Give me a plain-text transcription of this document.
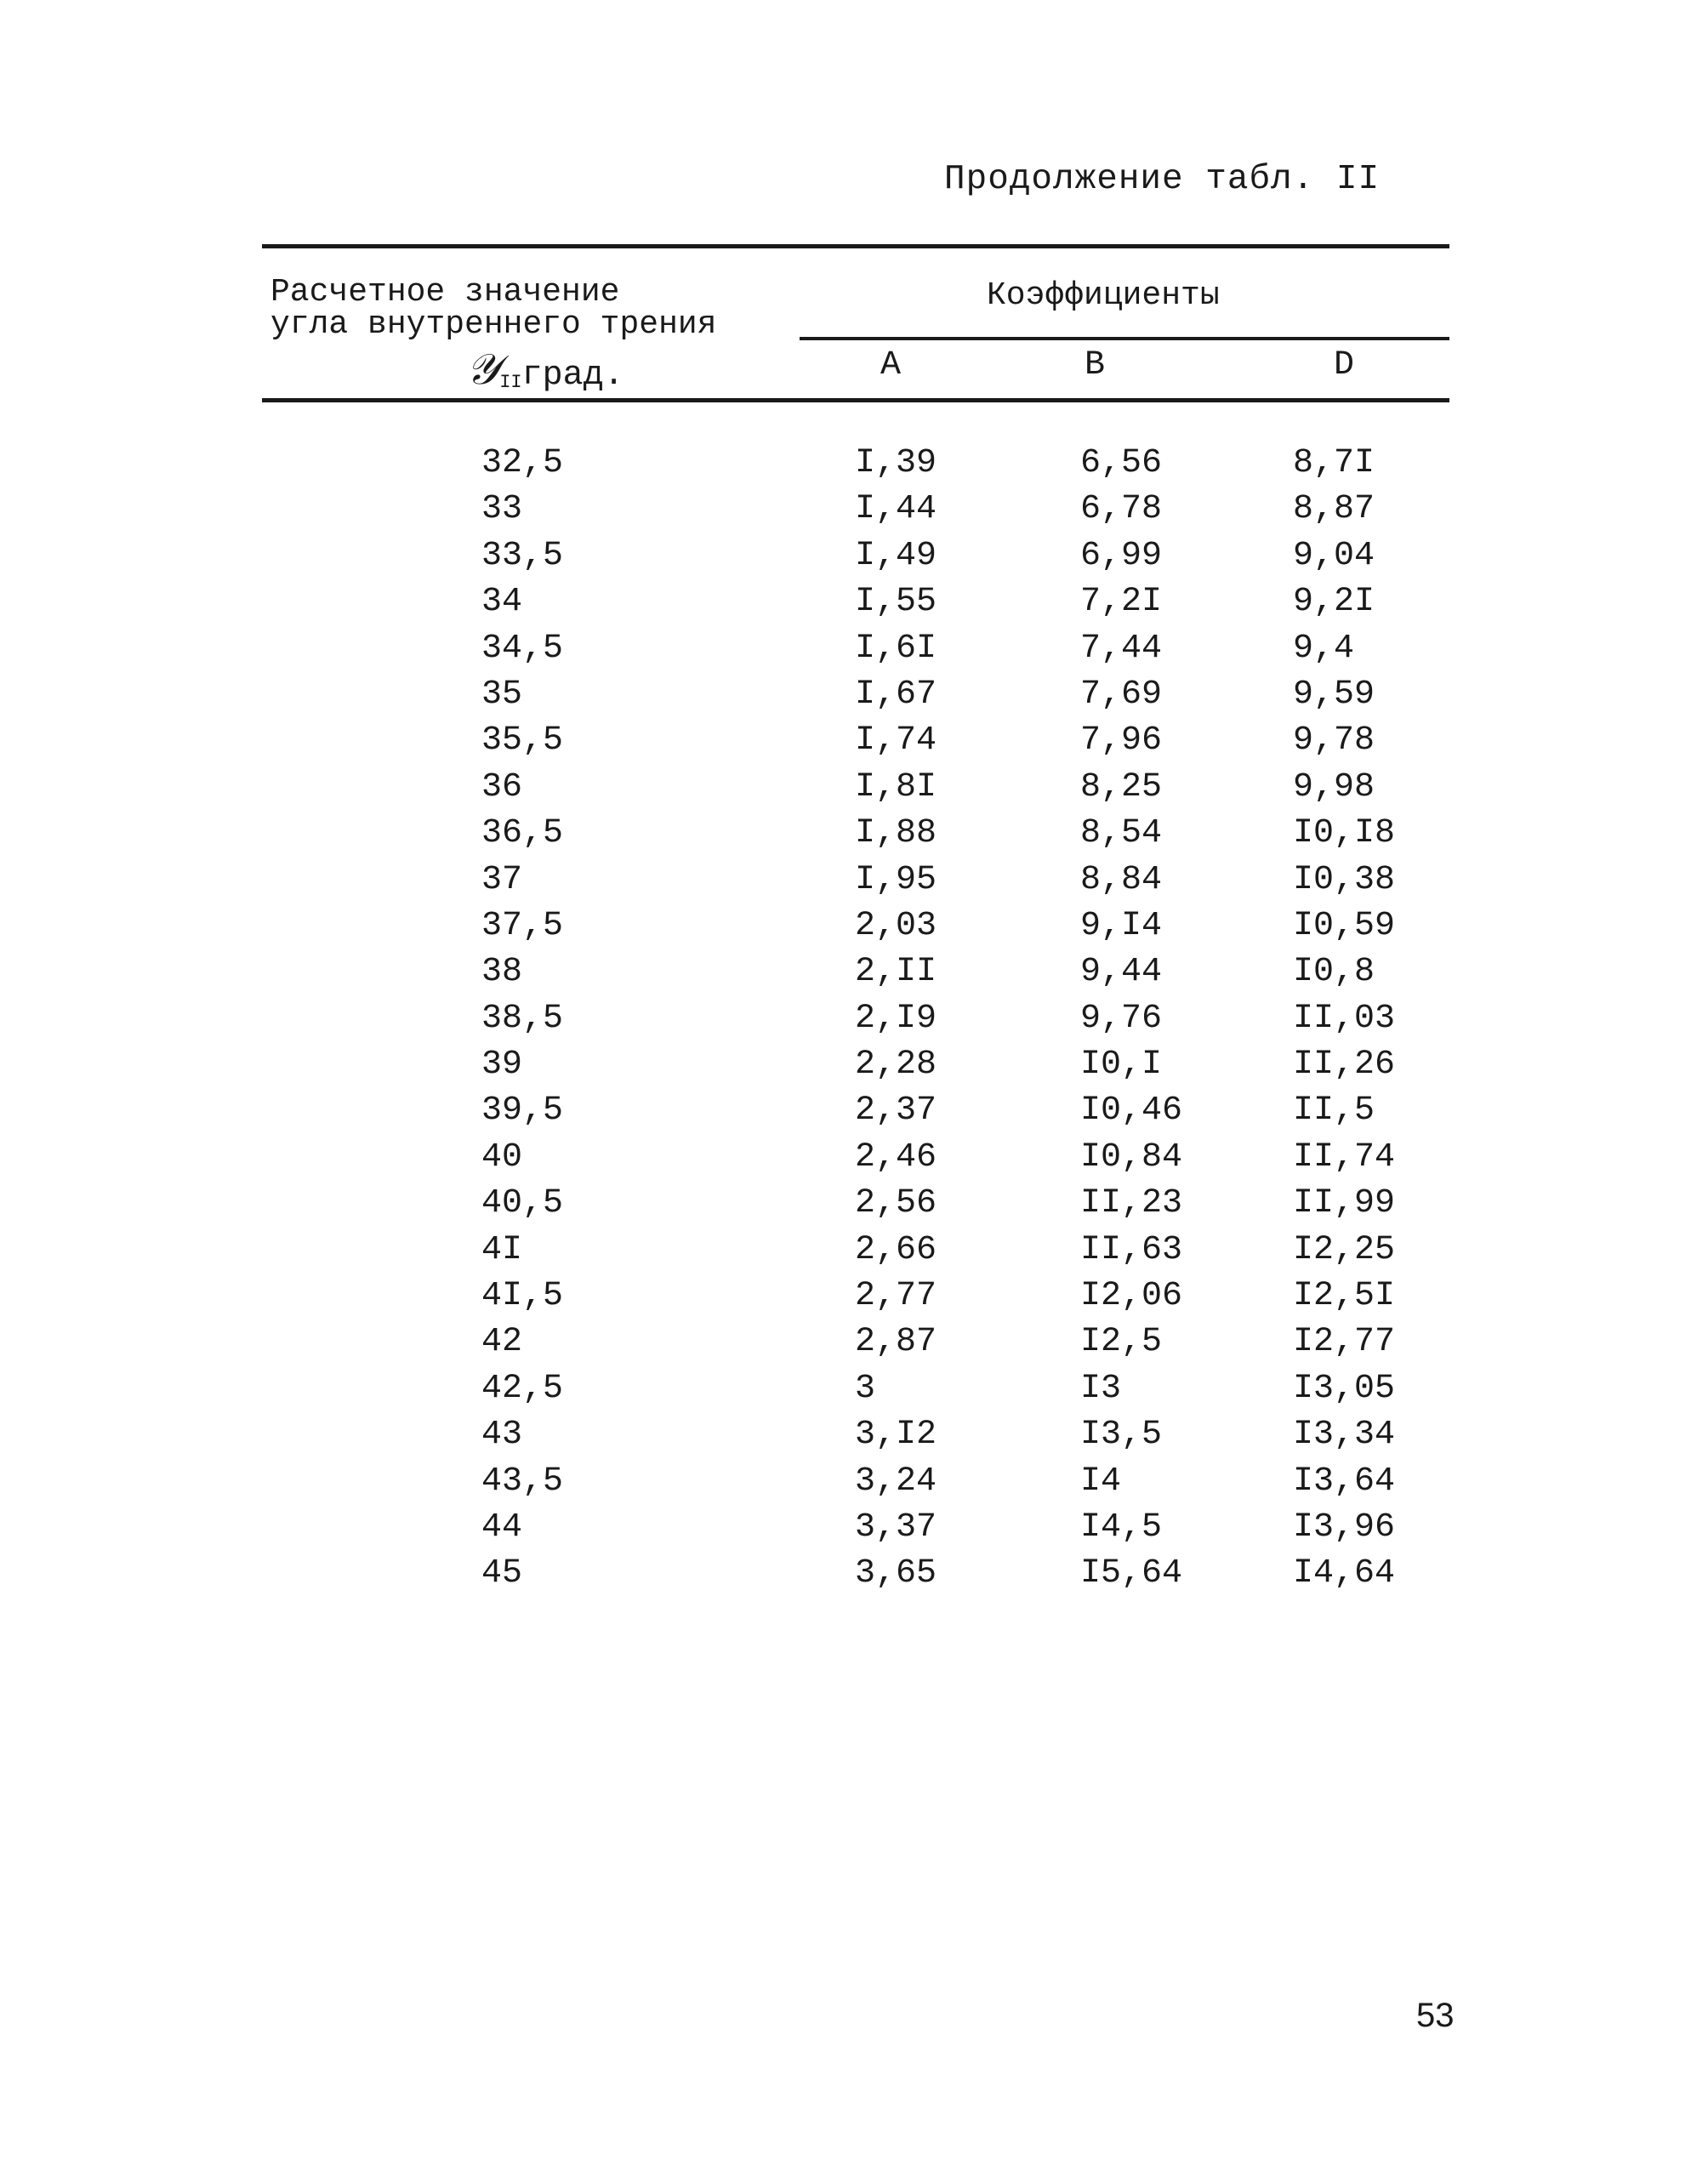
Продолжение табл. II
Расчетное значение
угла внутреннего трения
𝒴IIград.
Коэффициенты
A	B	D
32,5	I,39	6,56	8,7I
33	I,44	6,78	8,87
33,5	I,49	6,99	9,04
34	I,55	7,2I	9,2I
34,5	I,6I	7,44	9,4
35	I,67	7,69	9,59
35,5	I,74	7,96	9,78
36	I,8I	8,25	9,98
36,5	I,88	8,54	I0,I8
37	I,95	8,84	I0,38
37,5	2,03	9,I4	I0,59
38	2,II	9,44	I0,8
38,5	2,I9	9,76	II,03
39	2,28	I0,I	II,26
39,5	2,37	I0,46	II,5
40	2,46	I0,84	II,74
40,5	2,56	II,23	II,99
4I	2,66	II,63	I2,25
4I,5	2,77	I2,06	I2,5I
42	2,87	I2,5	I2,77
42,5	3	I3	I3,05
43	3,I2	I3,5	I3,34
43,5	3,24	I4	I3,64
44	3,37	I4,5	I3,96
45	3,65	I5,64	I4,64
53
